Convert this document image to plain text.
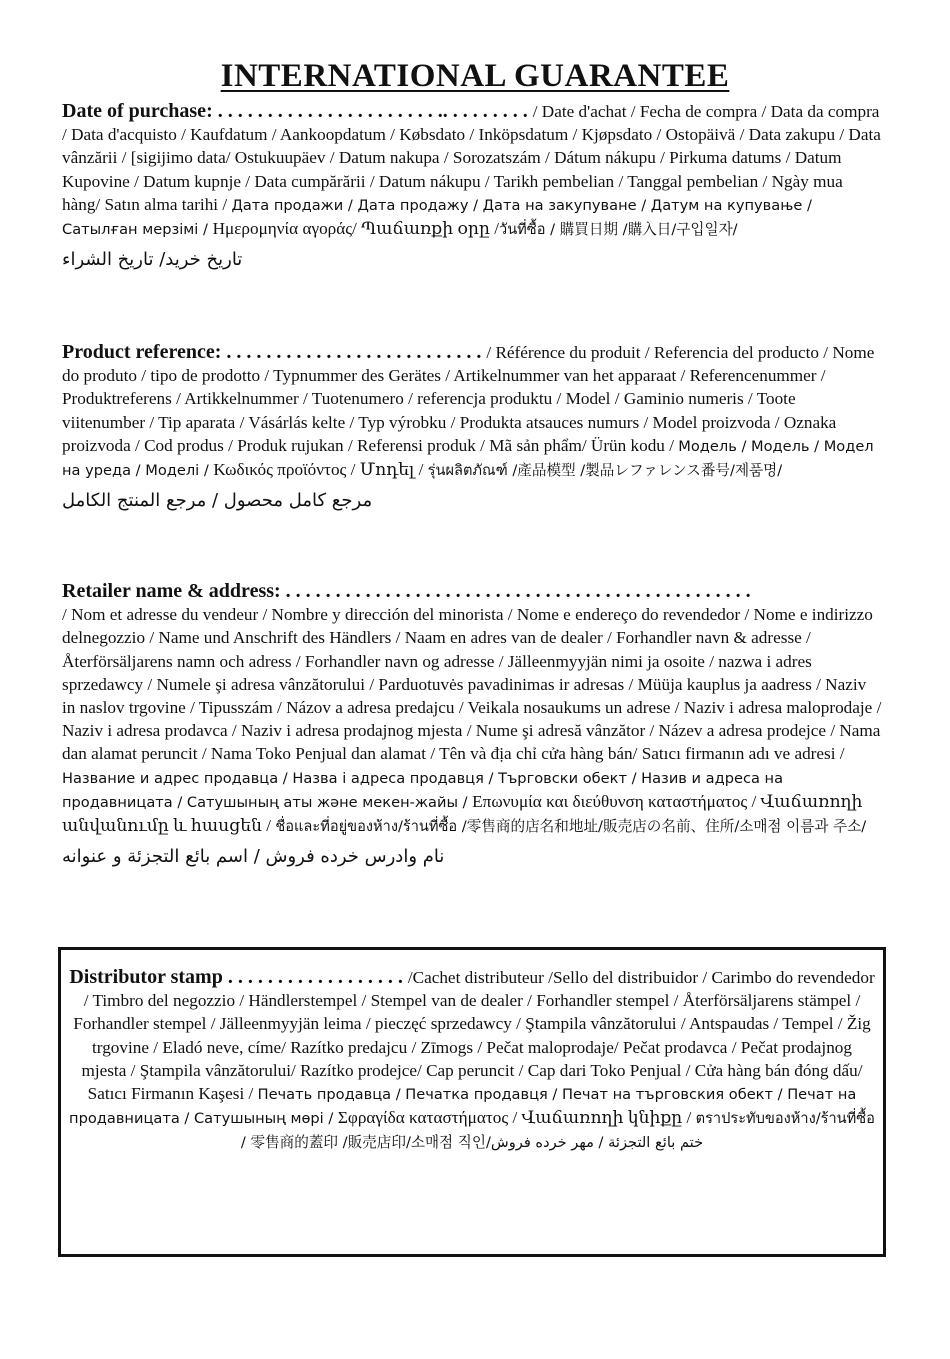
INTERNATIONAL GUARANTEE

Date of purchase: . . . . . . . . . . . . . . . . . . . . . . .. . . . . . . . . / Date d'achat / Fecha de compra / Data da compra / Data d'acquisto / Kaufdatum / Aankoopdatum / Købsdato / Inköpsdatum / Kjøpsdato / Ostopäivä / Data zakupu / Data vânzării / [sigijimo data/ Ostukuupäev / Datum nakupa / Sorozatszám / Dátum nákupu / Pirkuma datums / Datum Kupovine / Datum kupnje / Data cumpărării / Datum nákupu / Tarikh pembelian / Tanggal pembelian / Ngày mua hàng/ Satın alma tarihi / Дата продажи / Дата продажу / Дата на закупуване / Датум на купување / Сатылған мерзімі / Ημερομηνία αγοράς/ Պաճառքի օրը /วันที่ซื้อ / 購買日期 /購入日/구입일자/

تاريخ خريد/ تاريخ الشراء

Product reference: . . . . . . . . . . . . . . . . . . . . . . . . . . / Référence du produit / Referencia del producto / Nome do produto / tipo de prodotto / Typnummer des Gerätes / Artikelnummer van het apparaat / Referencenummer / Produktreferens / Artikkelnummer / Tuotenumero / referencja produktu / Model / Gaminio numeris / Toote viitenumber / Tip aparata / Vásárlás kelte / Typ výrobku / Produkta atsauces numurs / Model proizvoda / Oznaka proizvoda / Cod produs / Produk rujukan / Referensi produk / Mã sản phẩm/ Ürün kodu / Модель / Модель / Модел на уреда / Моделі / Κωδικός προϊόντος / Մոդել / รุ่นผลิตภัณฑ์ /產品模型 /製品レファレンス番号/제품명/

مرجع كامل محصول / مرجع المنتج الكامل

Retailer name & address: . . . . . . . . . . . . . . . . . . . . . . . . . . . . . . . . . . . . . . . . . . . . . . .
/ Nom et adresse du vendeur / Nombre y dirección del minorista / Nome e endereço do revendedor / Nome e indirizzo delnegozzio / Name und Anschrift des Händlers / Naam en adres van de dealer / Forhandler navn & adresse / Återförsäljarens namn och adress / Forhandler navn og adresse / Jälleenmyyjän nimi ja osoite / nazwa i adres sprzedawcy / Numele şi adresa vânzătorului / Parduotuvės pavadinimas ir adresas / Müüja kauplus ja aadress / Naziv in naslov trgovine / Tipusszám / Názov a adresa predajcu / Veikala nosaukums un adrese / Naziv i adresa maloprodaje / Naziv i adresa prodavca / Naziv i adresa prodajnog mjesta / Nume şi adresă vânzător / Název a adresa prodejce / Nama dan alamat peruncit / Nama Toko Penjual dan alamat / Tên và địa chỉ cửa hàng bán/ Satıcı firmanın adı ve adresi / Название и адрес продавца / Назва і адреса продавця / Търговски обект / Назив и адреса на продавницата / Сатушының аты және мекен-жайы / Επωνυμία και διεύθυνση καταστήματος / Վաճառողի անվանումը և հասցեն / ชื่อและที่อยู่ของห้าง/ร้านที่ซื้อ /零售商的店名和地址/販売店の名前、住所/소매점 이름과 주소/

نام وادرس خرده فروش / اسم بائع التجزئة و عنوانه

Distributor stamp . . . . . . . . . . . . . . . . . . /Cachet distributeur /Sello del distribuidor / Carimbo do revendedor / Timbro del negozzio / Händlerstempel / Stempel van de dealer / Forhandler stempel / Återförsäljarens stämpel / Forhandler stempel / Jälleenmyyjän leima / pieczęć sprzedawcy / Ştampila vânzătorului / Antspaudas / Tempel / Žig trgovine / Eladó neve, címe/ Razítko predajcu / Zīmogs / Pečat maloprodaje/ Pečat prodavca / Pečat prodajnog mjesta / Ştampila vânzătorului/ Razítko prodejce/ Cap peruncit / Cap dari Toko Penjual / Cửa hàng bán đóng dấu/ Satıcı Firmanın Kaşesi / Печать продавца / Печатка продавця / Печат на търговския обект / Печат на продавницата / Сатушының мөрі / Σφραγίδα καταστήματος / Վաճառողի կնիքը / ตราประทับของห้าง/ร้านที่ซื้อ / 零售商的蓋印 /販売店印/소매점 직인/ختم بائع التجزئة / مهر خرده فروش
